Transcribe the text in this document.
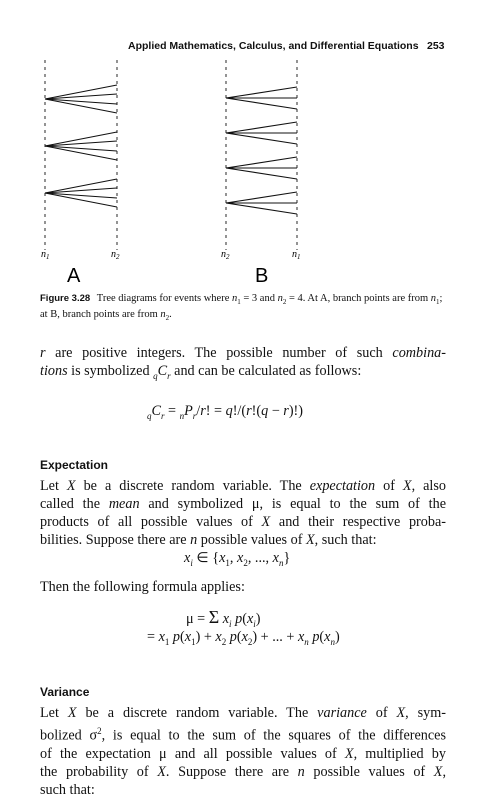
Applied Mathematics, Calculus, and Differential Equations 253
$n_1$	$n_2$	$n_2$	$n_1$
A	B
Figure 3.28 Tree diagrams for events where $n_1 = 3$ and $n_2 = 4$. At A, branch points are from $n_1$; at B, branch points are from $n_2$.
r are positive integers. The possible number of such combina-
tions is symbolized $_qC_r$ and can be calculated as follows:
$_qC_r = _nP_r/r$! = q!/(r!(q − r)!)
Expectation
Let X be a discrete random variable. The expectation of X, also
called the mean and symbolized μ, is equal to the sum of the
products of all possible values of X and their respective proba-
bilities. Suppose there are n possible values of X, such that:
$x_i$ ∈ {$x_1$, $x_2$, ..., $x_n$}
Then the following formula applies:
μ = Σ $x_i$ $p(x_i)$
= $x_1$ $p(x_1) + x_2$ $p(x_2)$ + ... + $x_n$ $p(x_n)$
Variance
Let X be a discrete random variable. The variance of X, sym-
bolized $\sigma^2$, is equal to the sum of the squares of the differences
of the expectation μ and all possible values of X, multiplied by
the probability of X. Suppose there are n possible values of X,
such that:
